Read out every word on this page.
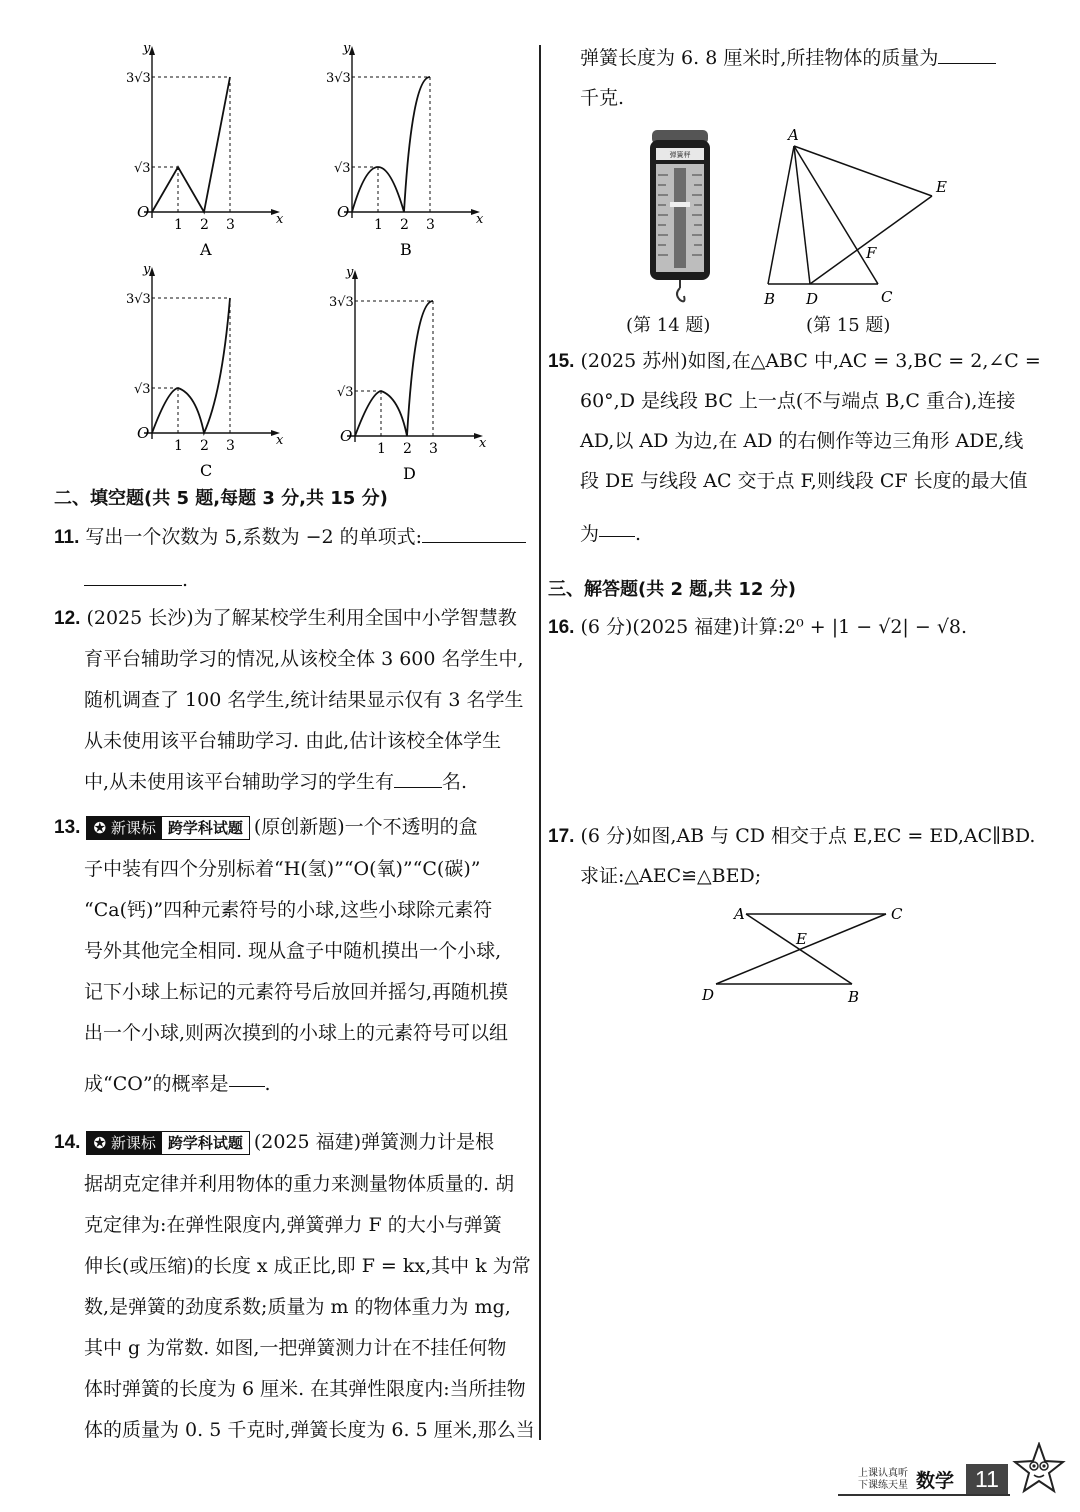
y
x
O
3√3
√3
1 2 3
A
y
x
O
3√3
√3
1 2 3
B
y
x
O
3√3
√3
1 2 3
C
y
x
O
3√3
√3
1 2 3
D
二、填空题(共 5 题,每题 3 分,共 15 分)
11. 写出一个次数为 5,系数为 −2 的单项式:
.
12. (2025 长沙)为了解某校学生利用全国中小学智慧教
育平台辅助学习的情况,从该校全体 3 600 名学生中,
随机调查了 100 名学生,统计结果显示仅有 3 名学生
从未使用该平台辅助学习. 由此,估计该校全体学生
中,从未使用该平台辅助学习的学生有	名.
13. ✪
新课标 跨学科试题 (原创新题)一个不透明的盒
子中装有四个分别标着“H(氢)”“O(氧)”“C(碳)”
“Ca(钙)”四种元素符号的小球,这些小球除元素符
号外其他完全相同. 现从盒子中随机摸出一个小球,
记下小球上标记的元素符号后放回并摇匀,再随机摸
出一个小球,则两次摸到的小球上的元素符号可以组
成“CO”的概率是 .
14. ✪
新课标 跨学科试题 (2025 福建)弹簧测力计是根
据胡克定律并利用物体的重力来测量物体质量的. 胡
克定律为:在弹性限度内,弹簧弹力 F 的大小与弹簧
伸长(或压缩)的长度 x 成正比,即 F = kx,其中 k 为常
数,是弹簧的劲度系数;质量为 m 的物体重力为 mg,
其中 g 为常数. 如图,一把弹簧测力计在不挂任何物
体时弹簧的长度为 6 厘米. 在其弹性限度内:当所挂物
体的质量为 0. 5 千克时,弹簧长度为 6. 5 厘米,那么当
弹簧长度为 6. 8 厘米时,所挂物体的质量为
千克.
弹簧秤
(第 14 题)
A
B	C
D
E
F
(第 15 题)
15. (2025 苏州)如图,在△ABC 中,AC = 3,BC = 2,∠C =
60°,D 是线段 BC 上一点(不与端点 B,C 重合),连接
AD,以 AD 为边,在 AD 的右侧作等边三角形 ADE,线
段 DE 与线段 AC 交于点 F,则线段 CF 长度的最大值
为 .
三、解答题(共 2 题,共 12 分)
16. (6 分)(2025 福建)计算:2⁰ + |1 − √2| − √8.
17. (6 分)如图,AB 与 CD 相交于点 E,EC = ED,AC∥BD.
求证:△AEC≌△BED;
A	C
E
D	B
上课认真听
下课练天星 数学 11
